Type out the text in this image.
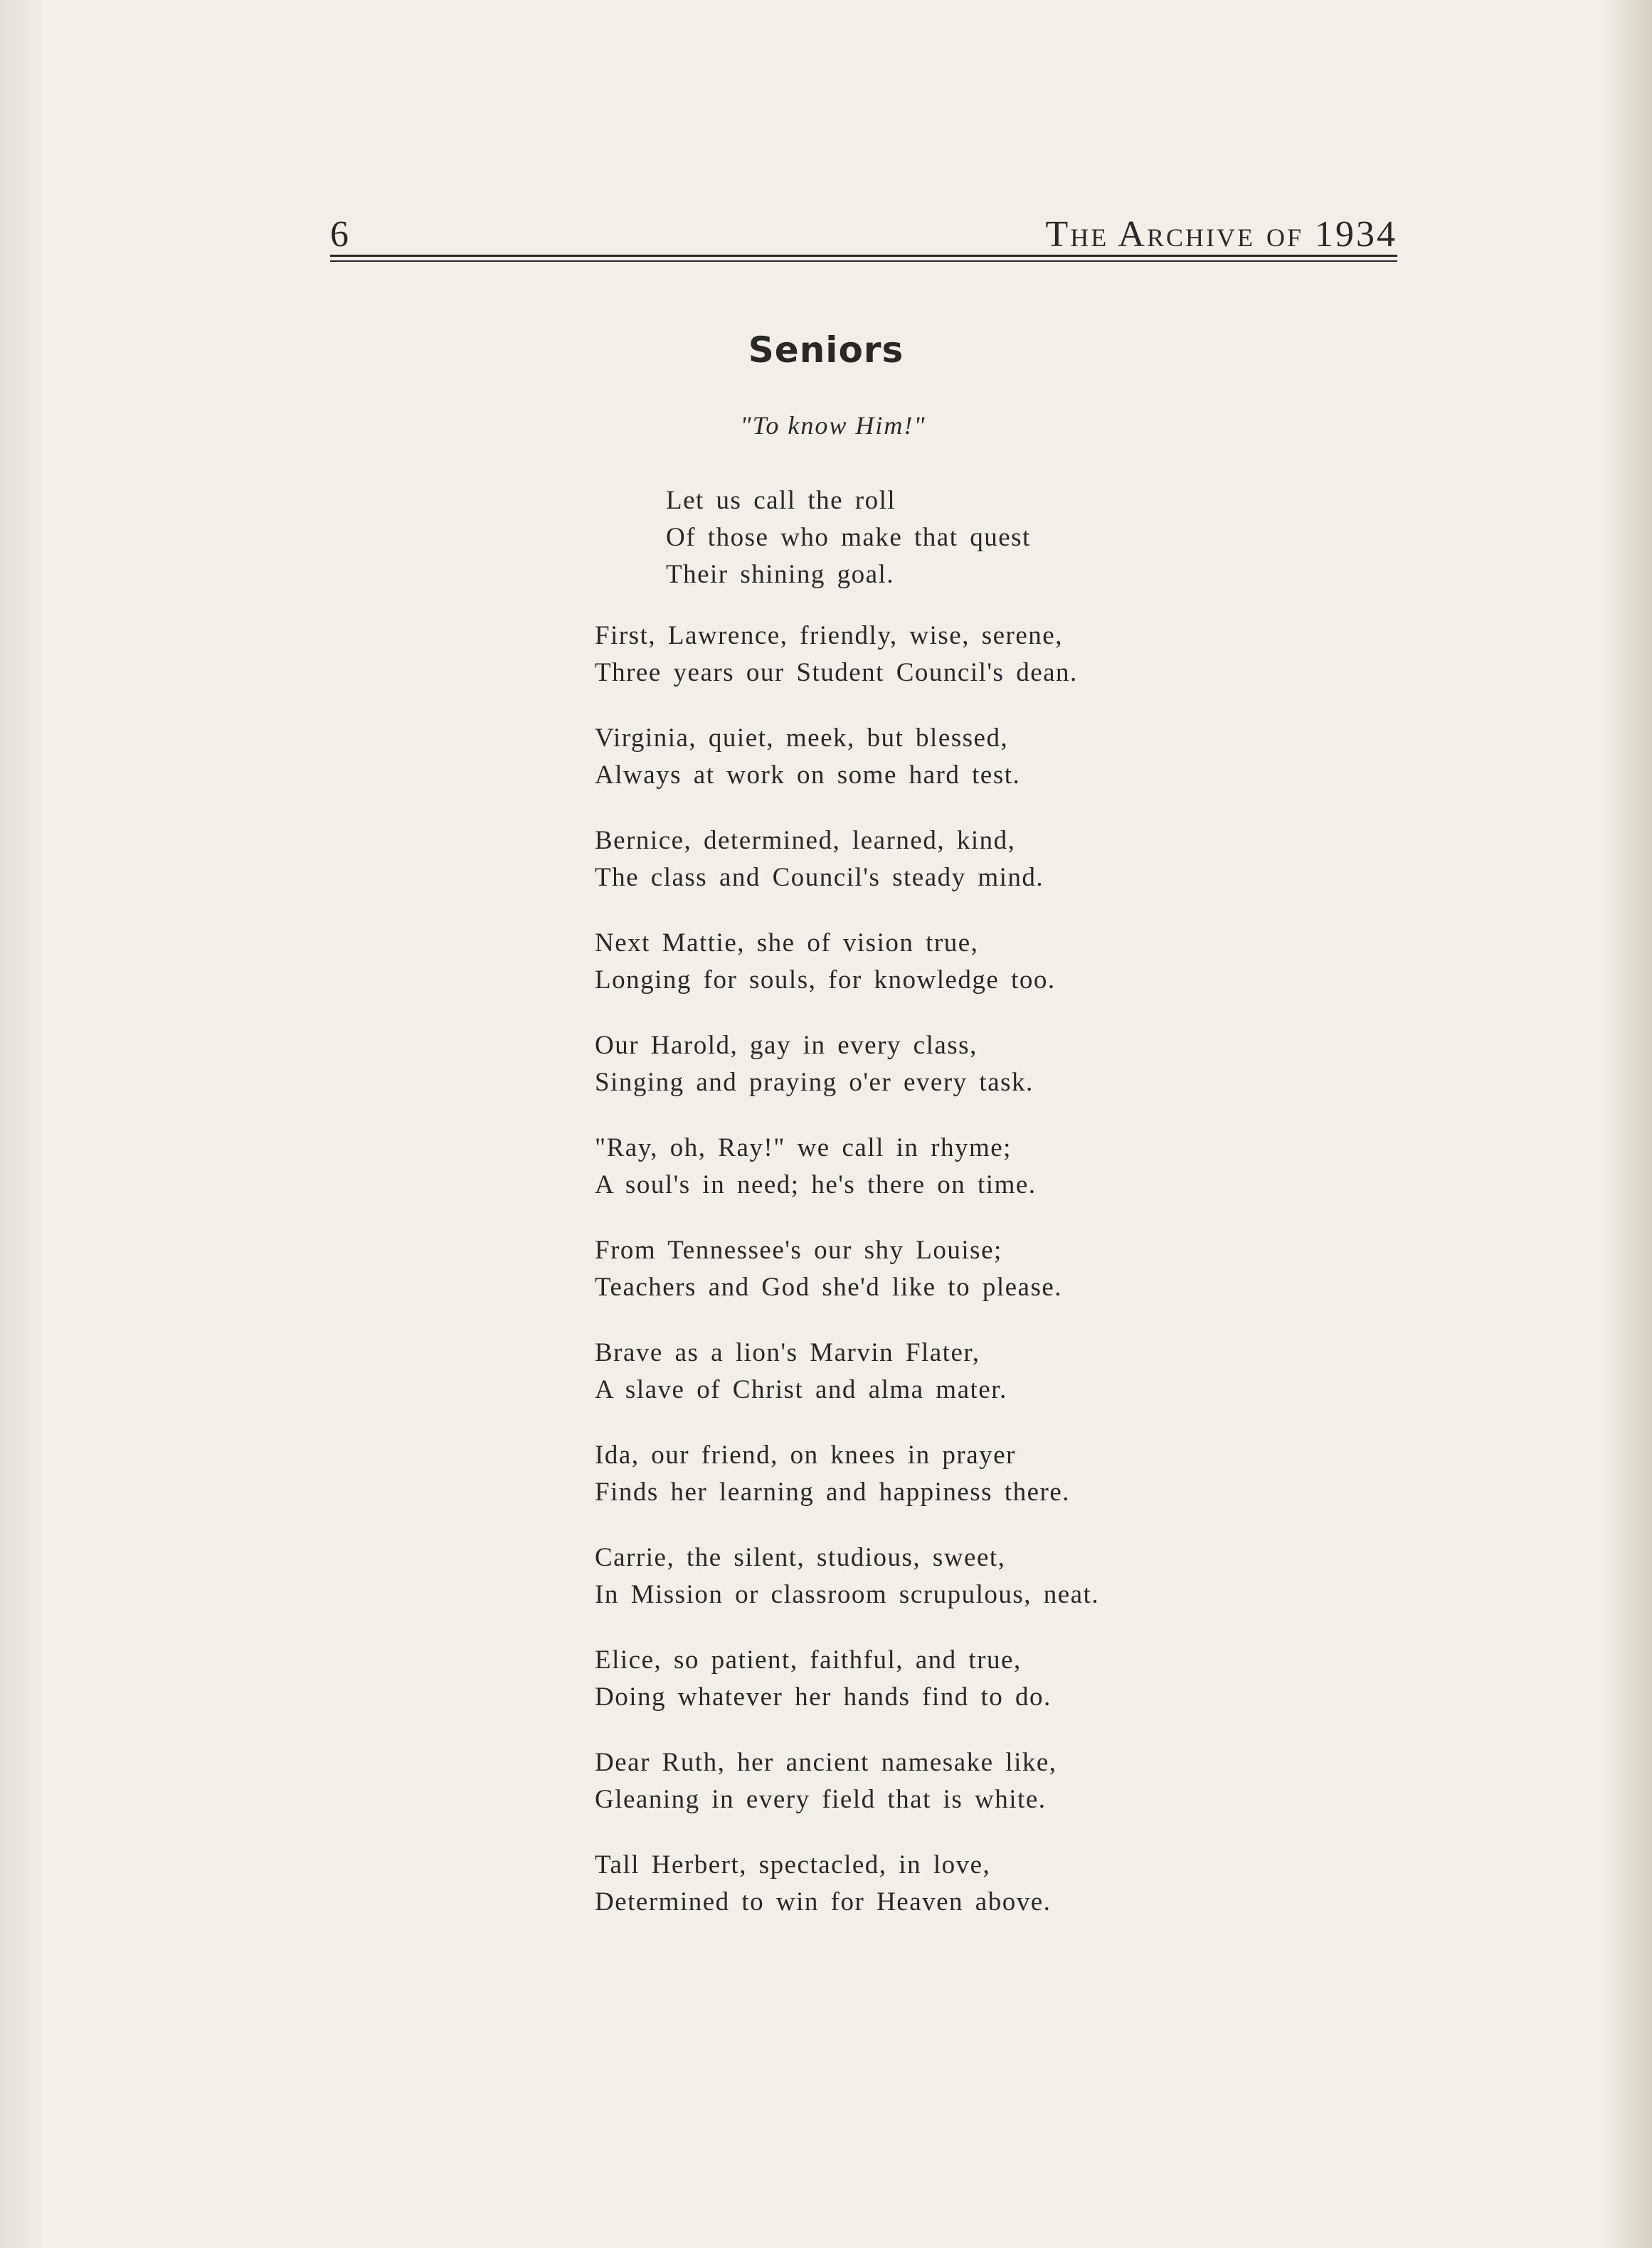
6	The Archive of 1934
Seniors
"To know Him!"
Let us call the roll
Of those who make that quest
Their shining goal.
First, Lawrence, friendly, wise, serene,
Three years our Student Council's dean.
Virginia, quiet, meek, but blessed,
Always at work on some hard test.
Bernice, determined, learned, kind,
The class and Council's steady mind.
Next Mattie, she of vision true,
Longing for souls, for knowledge too.
Our Harold, gay in every class,
Singing and praying o'er every task.
"Ray, oh, Ray!" we call in rhyme;
A soul's in need; he's there on time.
From Tennessee's our shy Louise;
Teachers and God she'd like to please.
Brave as a lion's Marvin Flater,
A slave of Christ and alma mater.
Ida, our friend, on knees in prayer
Finds her learning and happiness there.
Carrie, the silent, studious, sweet,
In Mission or classroom scrupulous, neat.
Elice, so patient, faithful, and true,
Doing whatever her hands find to do.
Dear Ruth, her ancient namesake like,
Gleaning in every field that is white.
Tall Herbert, spectacled, in love,
Determined to win for Heaven above.
